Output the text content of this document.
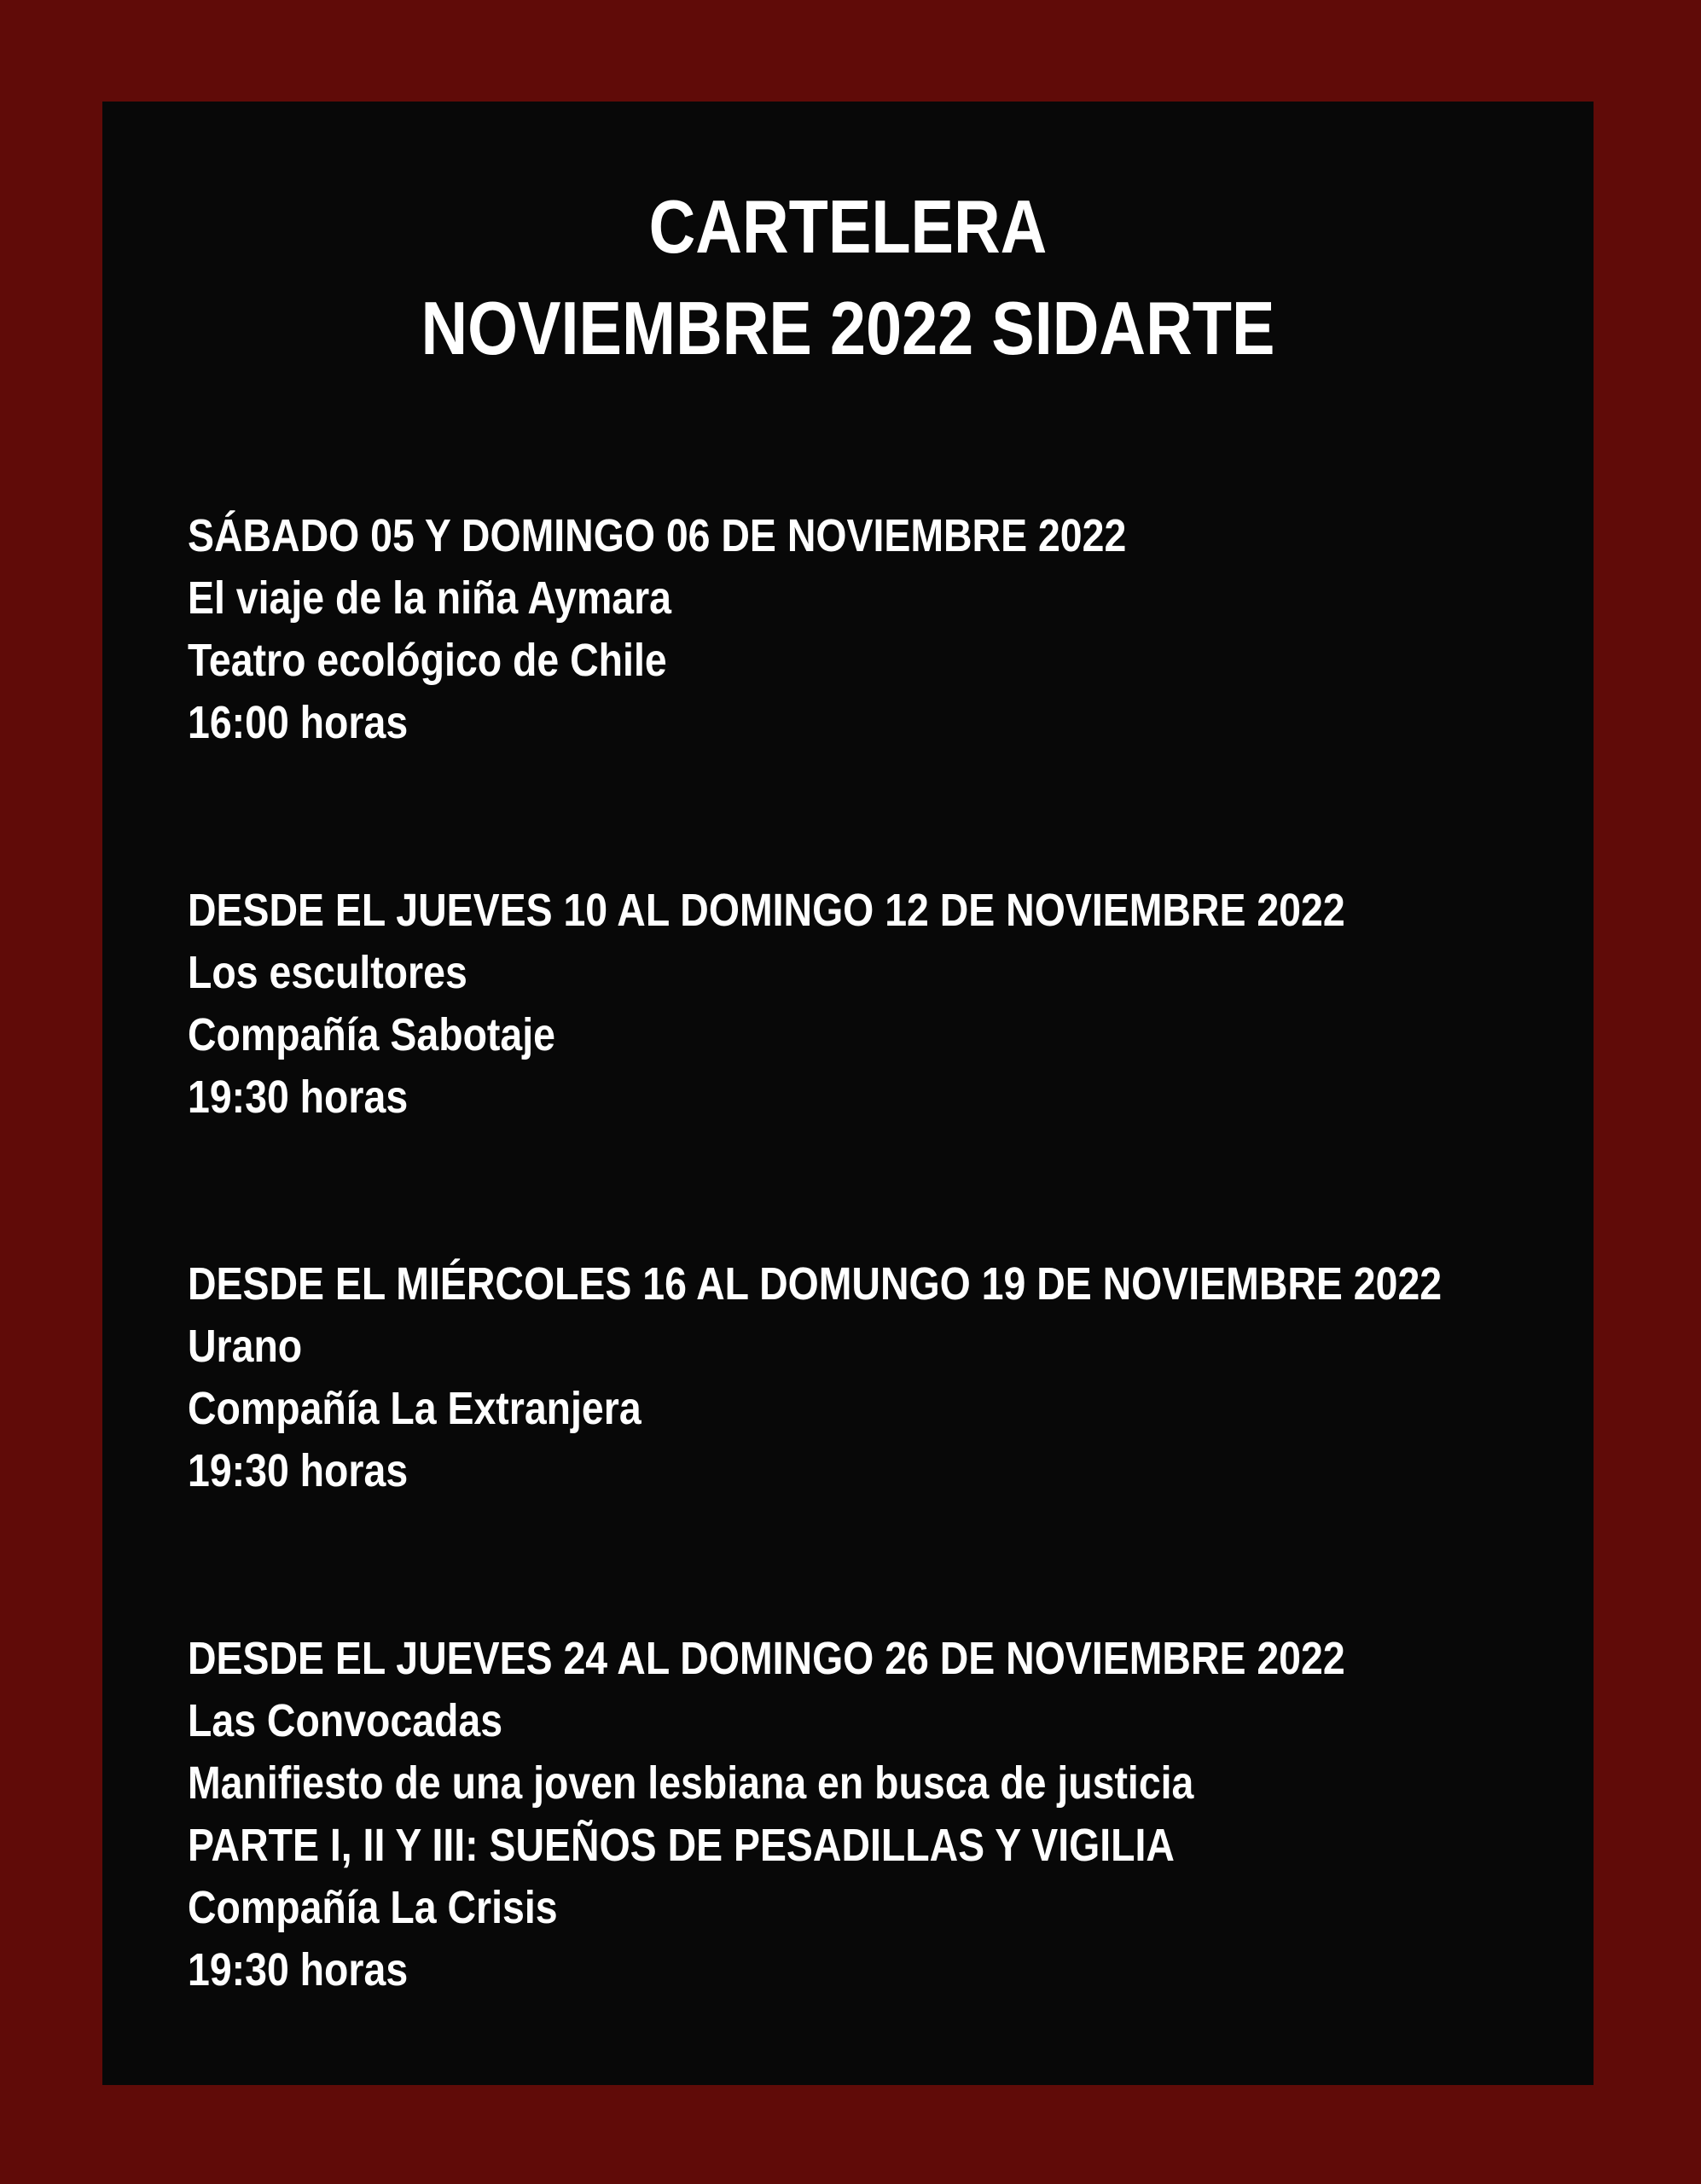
CARTELERA
NOVIEMBRE 2022 SIDARTE
SÁBADO 05 Y DOMINGO 06 DE NOVIEMBRE 2022
El viaje de la niña Aymara
Teatro ecológico de Chile
16:00 horas
DESDE EL JUEVES 10 AL DOMINGO 12 DE NOVIEMBRE 2022
Los escultores
Compañía Sabotaje
19:30 horas
DESDE EL MIÉRCOLES 16 AL DOMUNGO 19 DE NOVIEMBRE 2022
Urano
Compañía La Extranjera
19:30 horas
DESDE EL JUEVES 24 AL DOMINGO 26 DE NOVIEMBRE 2022
Las Convocadas
Manifiesto de una joven lesbiana en busca de justicia
PARTE I, II Y III: SUEÑOS DE PESADILLAS Y VIGILIA
Compañía La Crisis
19:30 horas
